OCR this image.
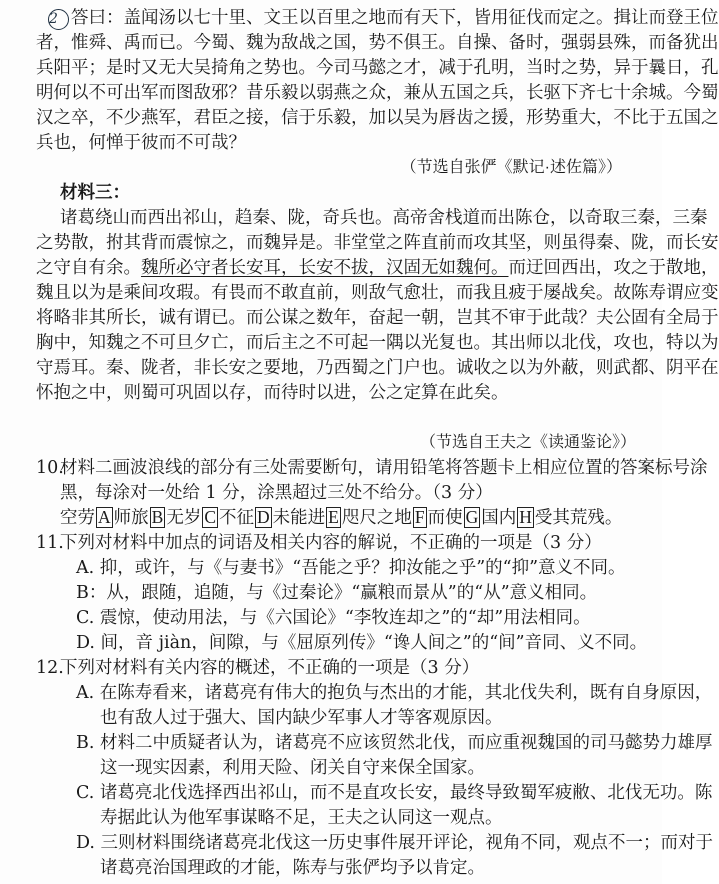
2 答曰：盖闻汤以七十里、文王以百里之地而有天下，皆用征伐而定之。揖让而登王位
者，惟舜、禹而已。今蜀、魏为敌战之国，势不俱王。自操、备时，强弱县殊，而备犹出
兵阳平；是时又无大吴掎角之势也。今司马懿之才，减于孔明，当时之势，异于曩日，孔
明何以不可出军而图敌邪？昔乐毅以弱燕之众，兼从五国之兵，长驱下齐七十余城。今蜀
汉之卒，不少燕军，君臣之接，信于乐毅，加以吴为唇齿之援，形势重大，不比于五国之
兵也，何惮于彼而不可哉？
（节选自张俨《默记·述佐篇》）
材料三：
诸葛绕山而西出祁山，趋秦、陇，奇兵也。高帝舍栈道而出陈仓，以奇取三秦，三秦
之势散，拊其背而震惊之，而魏异是。非堂堂之阵直前而攻其坚，则虽得秦、陇，而长安
之守自有余。魏所必守者长安耳，长安不拔，汉固无如魏何。而迂回西出，攻之于散地，
魏且以为是乘间攻瑕。有畏而不敢直前，则敌气愈壮，而我且疲于屡战矣。故陈寿谓应变
将略非其所长，诚有谓已。而公谋之数年，奋起一朝，岂其不审于此哉？夫公固有全局于
胸中，知魏之不可旦夕亡，而后主之不可起一隅以光复也。其出师以北伐，攻也，特以为
守焉耳。秦、陇者，非长安之要地，乃西蜀之门户也。诚收之以为外蔽，则武都、阴平在
怀抱之中，则蜀可巩固以存，而待时以进，公之定算在此矣。
（节选自王夫之《读通鉴论》）
10.
材料二画波浪线的部分有三处需要断句，请用铅笔将答题卡上相应位置的答案标号涂
黑，每涂对一处给 1 分，涂黑超过三处不给分。（3 分）
空劳 A 师旅 B 无岁 C 不征 D 未能进 E 咫尺之地 F 而使 G 国内 H 受其荒残。
11.
下列对材料中加点的词语及相关内容的解说，不正确的一项是（3 分）
A. 抑，或许，与《与妻书》“吾能之乎？抑汝能之乎”的“抑”意义不同。
B：从，跟随，追随，与《过秦论》“赢粮而景从”的“从”意义相同。
C. 震惊，使动用法，与《六国论》“李牧连却之”的“却”用法相同。
D. 间，音 jiàn，间隙，与《屈原列传》“谗人间之”的“间”音同、义不同。
12.
下列对材料有关内容的概述，不正确的一项是（3 分）
A. 在陈寿看来，诸葛亮有伟大的抱负与杰出的才能，其北伐失利，既有自身原因，
也有敌人过于强大、国内缺少军事人才等客观原因。
B. 材料二中质疑者认为，诸葛亮不应该贸然北伐，而应重视魏国的司马懿势力雄厚
这一现实因素，利用天险、闭关自守来保全国家。
C. 诸葛亮北伐选择西出祁山，而不是直攻长安，最终导致蜀军疲敝、北伐无功。陈
寿据此认为他军事谋略不足，王夫之认同这一观点。
D. 三则材料围绕诸葛亮北伐这一历史事件展开评论，视角不同，观点不一；而对于
诸葛亮治国理政的才能，陈寿与张俨均予以肯定。
